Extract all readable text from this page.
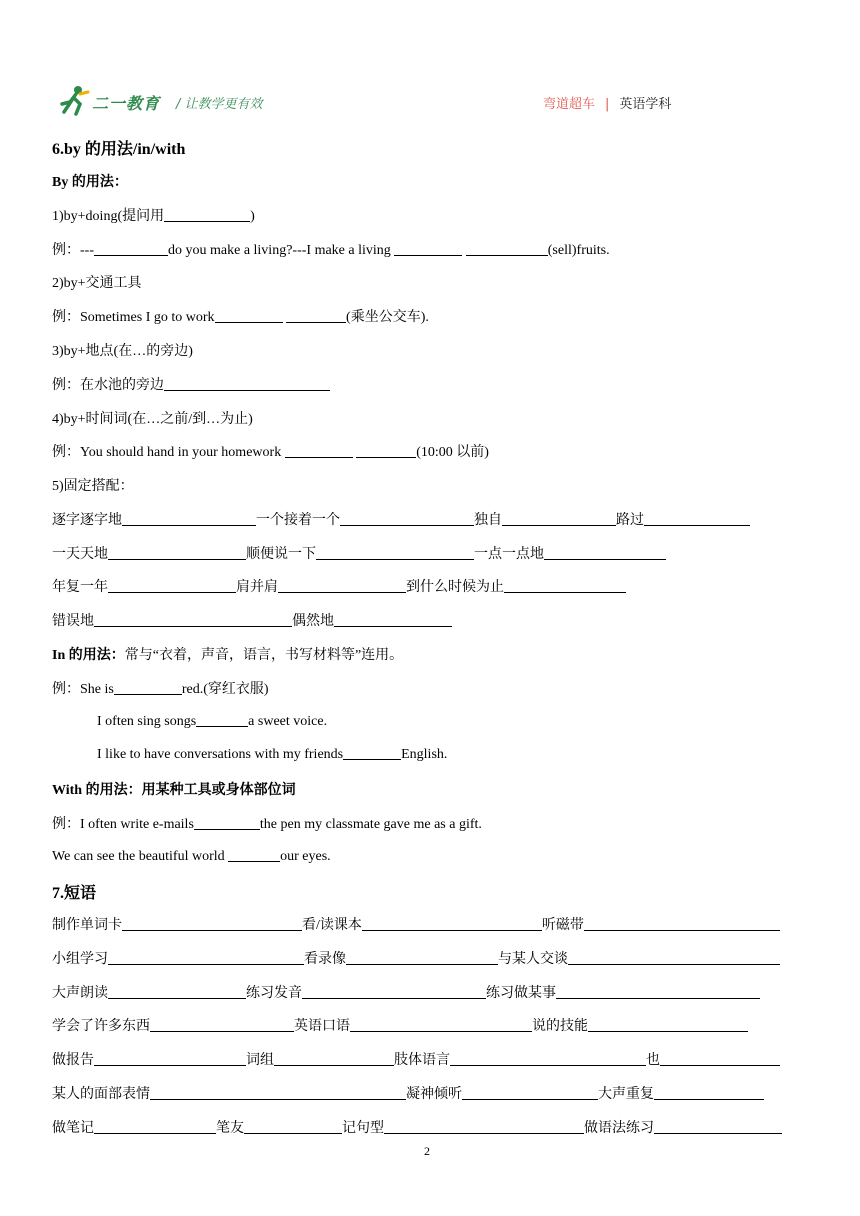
二一教育 / 让教学更有效	弯道超车 | 英语学科
6.by 的用法/in/with
By 的用法：
1)by+doing(提问用	)
例：---	do you make a living?---I make a living	(sell)fruits.
2)by+交通工具
例：Sometimes I go to work	(乘坐公交车).
3)by+地点(在…的旁边)
例：在水池的旁边
4)by+时间词(在…之前/到…为止)
例：You should hand in your homework	(10:00 以前)
5)固定搭配：
逐字逐字地	一个接着一个	独自	路过
一天天地	顺便说一下	一点一点地
年复一年	肩并肩	到什么时候为止
错误地	偶然地
In 的用法：常与“衣着，声音，语言，书写材料等”连用。
例：She is	red.(穿红衣服)
I often sing songs	a sweet voice.
I like to have conversations with my friends	English.
With 的用法：用某种工具或身体部位词
例：I often write e-mails	the pen my classmate gave me as a gift.
We can see the beautiful world	our eyes.
7.短语
制作单词卡	看/读课本	听磁带
小组学习	看录像	与某人交谈
大声朗读	练习发音	练习做某事
学会了许多东西	英语口语	说的技能
做报告	词组	肢体语言	也
某人的面部表情	凝神倾听	大声重复
做笔记	笔友	记句型	做语法练习
2
